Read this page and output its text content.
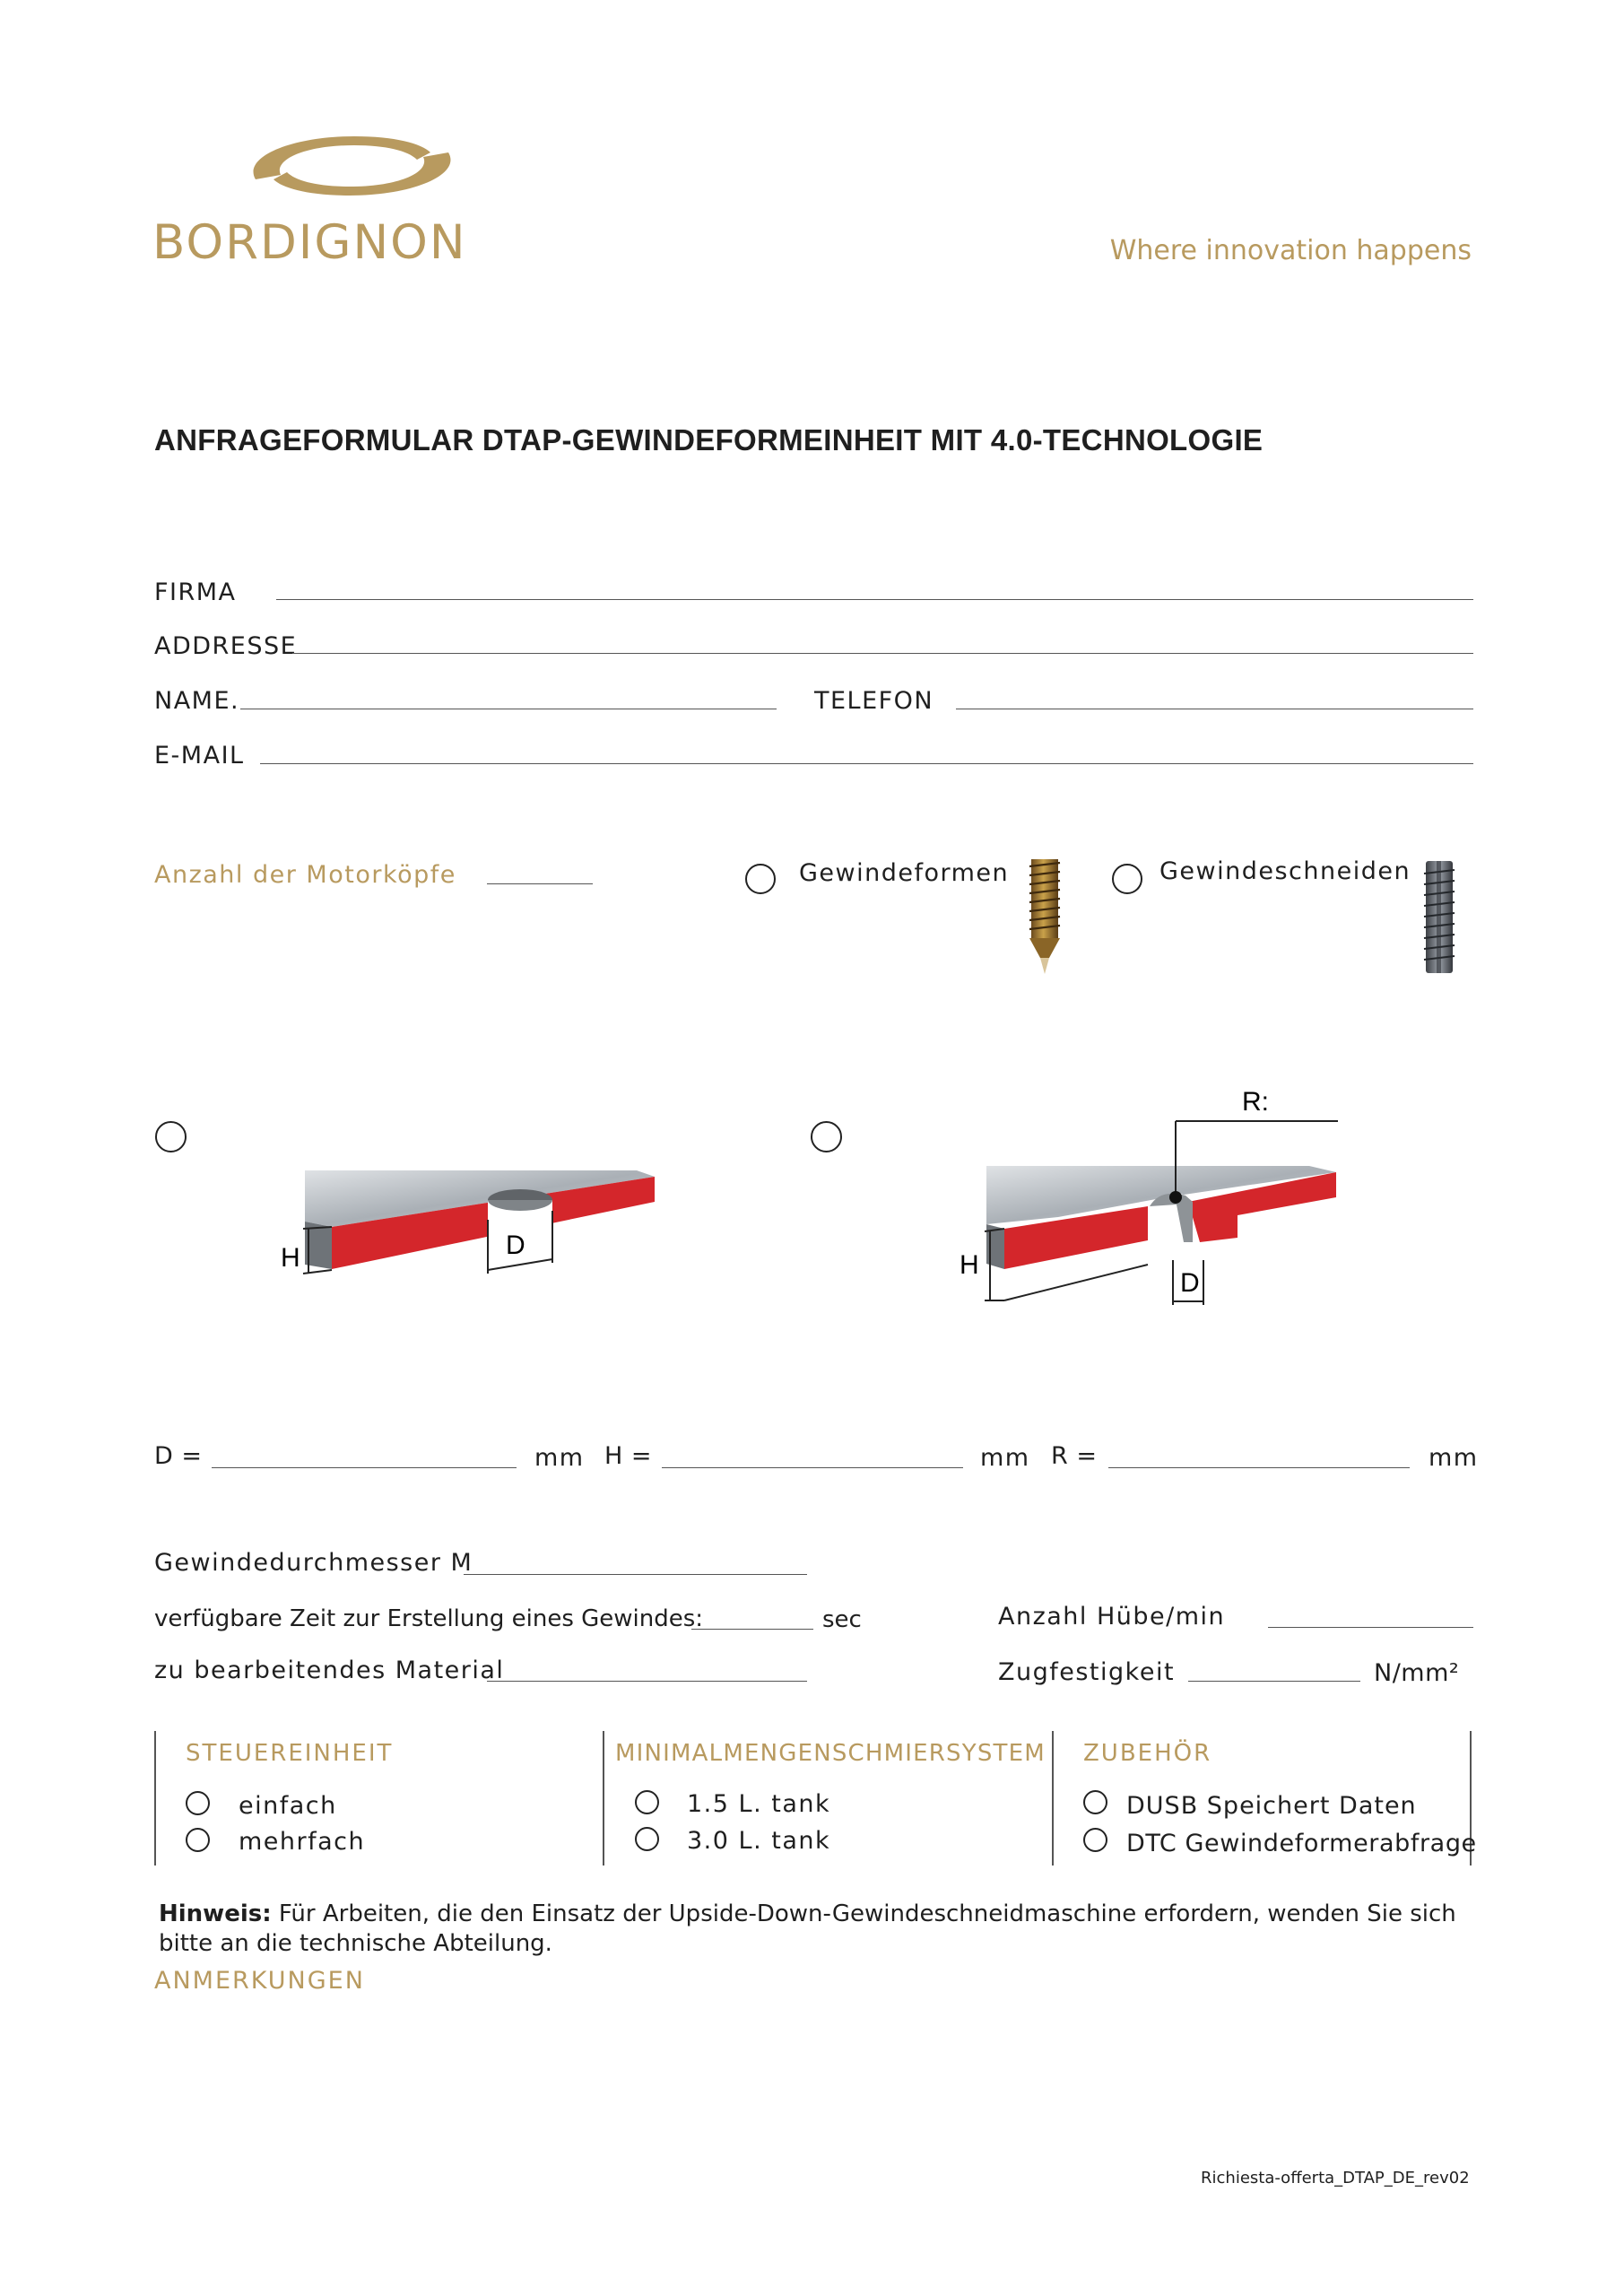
BORDIGNON	Where innovation happens
ANFRAGEFORMULAR DTAP-GEWINDEFORMEINHEIT MIT 4.0-TECHNOLOGIE
FIRMA
ADDRESSE
NAME.	TELEFON
E-MAIL
Anzahl der Motorköpfe	Gewindeformen	Gewindeschneiden
H	D
R:
H
D
D =	mm H =	mm R =	mm
Gewindedurchmesser M
verfügbare Zeit zur Erstellung eines Gewindes:	sec	Anzahl Hübe/min
zu bearbeitendes Material	Zugfestigkeit	N/mm²
STEUEREINHEIT
einfach
mehrfach
MINIMALMENGENSCHMIERSYSTEM
1.5 L. tank
3.0 L. tank
ZUBEHÖR
DUSB Speichert Daten
DTC Gewindeformerabfrage
Hinweis: Für Arbeiten, die den Einsatz der Upside-Down-Gewindeschneidmaschine erfordern, wenden Sie sich bitte an die technische Abteilung.
ANMERKUNGEN
Richiesta-offerta_DTAP_DE_rev02
